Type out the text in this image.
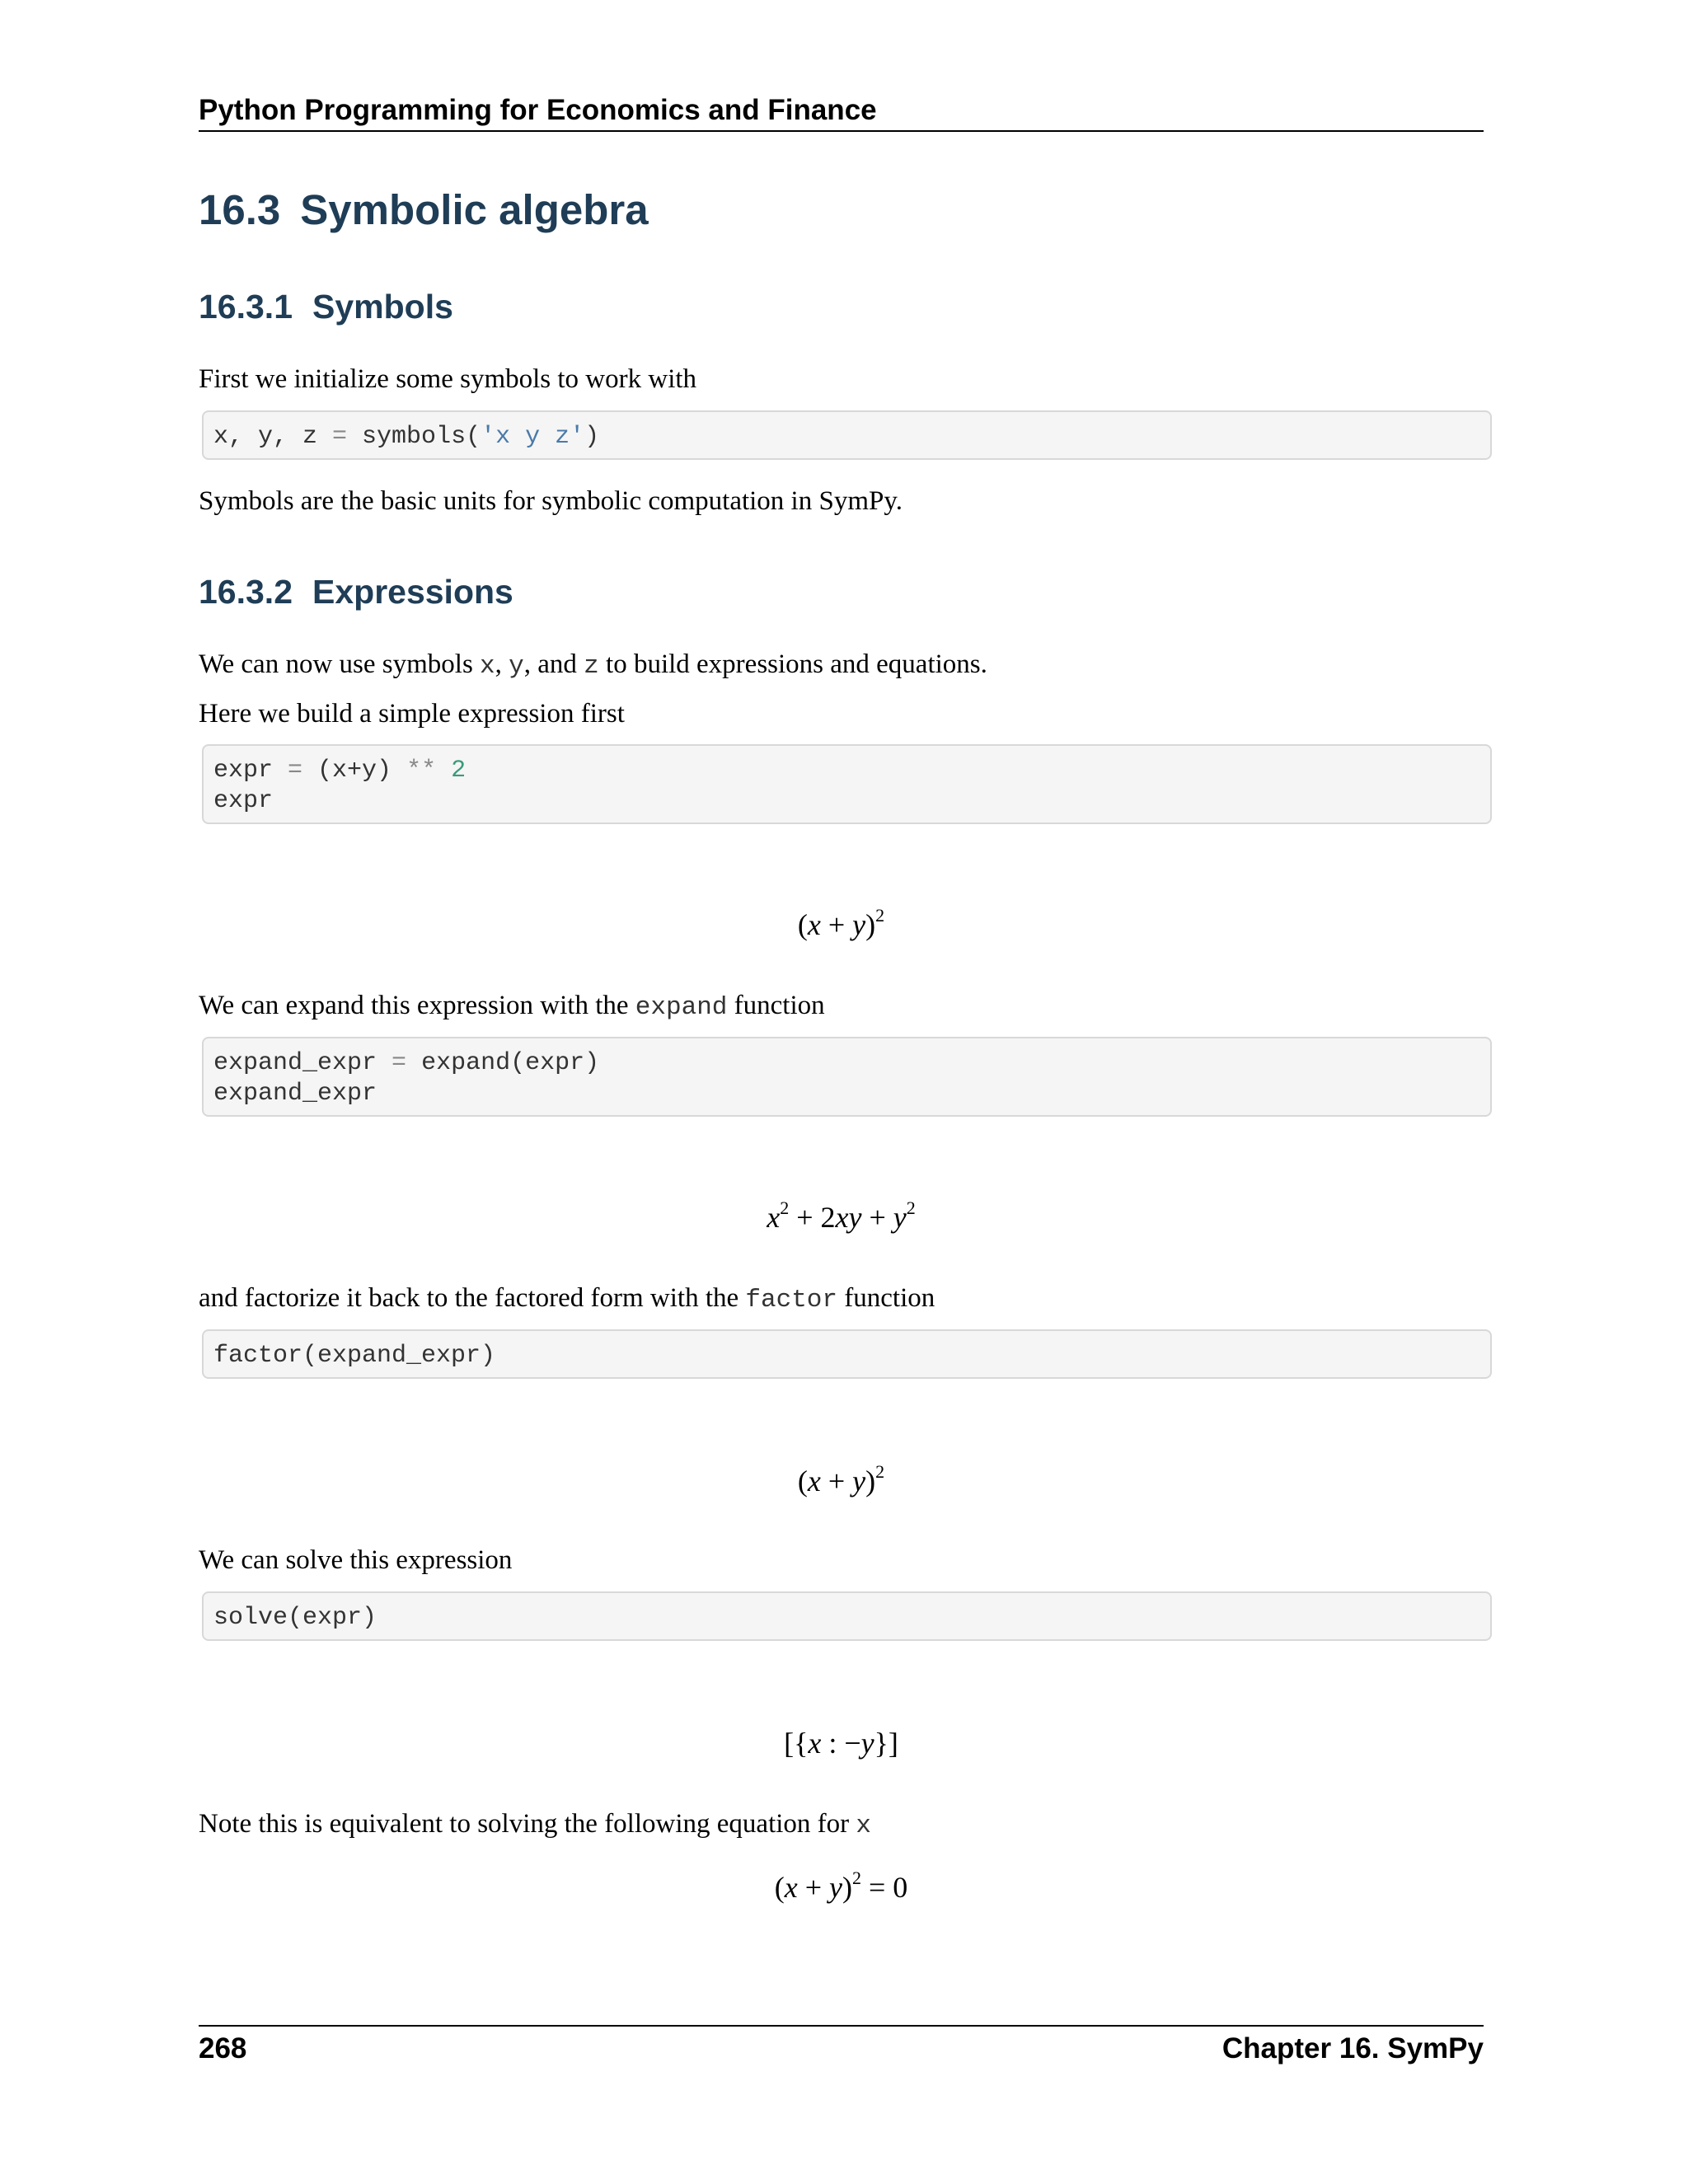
Python Programming for Economics and Finance
16.3 Symbolic algebra
16.3.1 Symbols

First we initialize some symbols to work with

x, y, z = symbols('x y z')

Symbols are the basic units for symbolic computation in SymPy.

16.3.2 Expressions

We can now use symbols x, y, and z to build expressions and equations.

Here we build a simple expression first

expr = (x+y) ** 2
expr
$(x + y)^2$

We can expand this expression with the expand function

expand_expr = expand(expr)
expand_expr
$x^2 + 2xy + y^2$

and factorize it back to the factored form with the factor function

factor(expand_expr)
$(x + y)^2$

We can solve this expression

solve(expr)
[{x : −y}]

Note this is equivalent to solving the following equation for x

$(x + y)^2 = 0$
268	Chapter 16. SymPy
